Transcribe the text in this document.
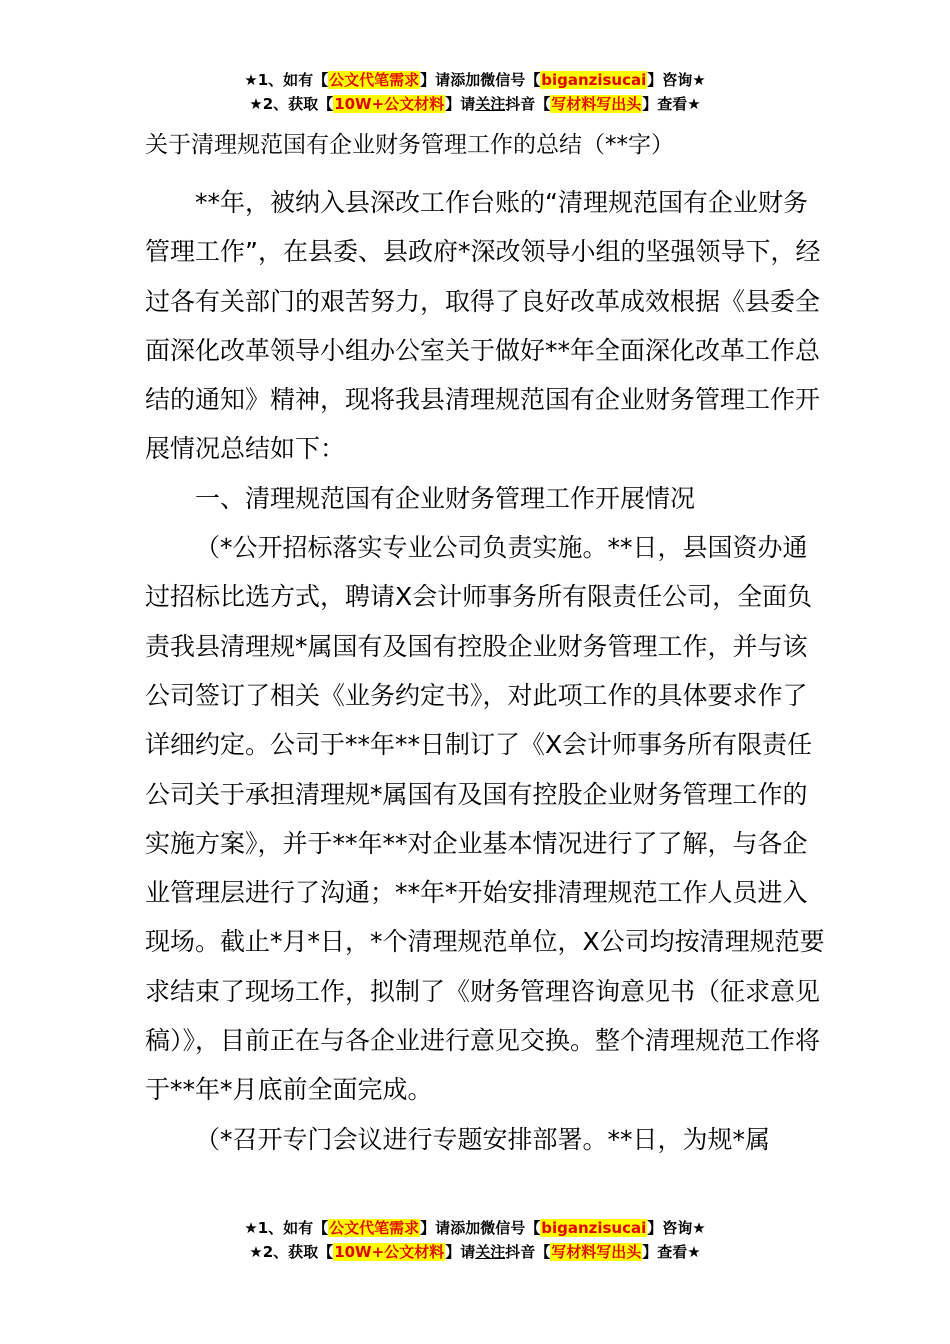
★1、如有【公文代笔需求】请添加微信号【biganzisucai】咨询★
★2、获取【10W+公文材料】请关注抖音【写材料写出头】查看★
关于清理规范国有企业财务管理工作的总结（**字）

**年，被纳入县深改工作台账的“清理规范国有企业财务管理工作”，在县委、县政府*深改领导小组的坚强领导下，经过各有关部门的艰苦努力，取得了良好改革成效根据《县委全面深化改革领导小组办公室关于做好**年全面深化改革工作总结的通知》精神，现将我县清理规范国有企业财务管理工作开展情况总结如下：

一、清理规范国有企业财务管理工作开展情况

（*公开招标落实专业公司负责实施。**日，县国资办通过招标比选方式，聘请X会计师事务所有限责任公司，全面负责我县清理规*属国有及国有控股企业财务管理工作，并与该公司签订了相关《业务约定书》，对此项工作的具体要求作了详细约定。公司于**年**日制订了《X会计师事务所有限责任公司关于承担清理规*属国有及国有控股企业财务管理工作的实施方案》，并于**年**对企业基本情况进行了了解，与各企业管理层进行了沟通；**年*开始安排清理规范工作人员进入现场。截止*月*日，*个清理规范单位，X公司均按清理规范要求结束了现场工作，拟制了《财务管理咨询意见书（征求意见稿）》，目前正在与各企业进行意见交换。整个清理规范工作将于**年*月底前全面完成。

（*召开专门会议进行专题安排部署。**日，为规*属

★1、如有【公文代笔需求】请添加微信号【biganzisucai】咨询★
★2、获取【10W+公文材料】请关注抖音【写材料写出头】查看★
